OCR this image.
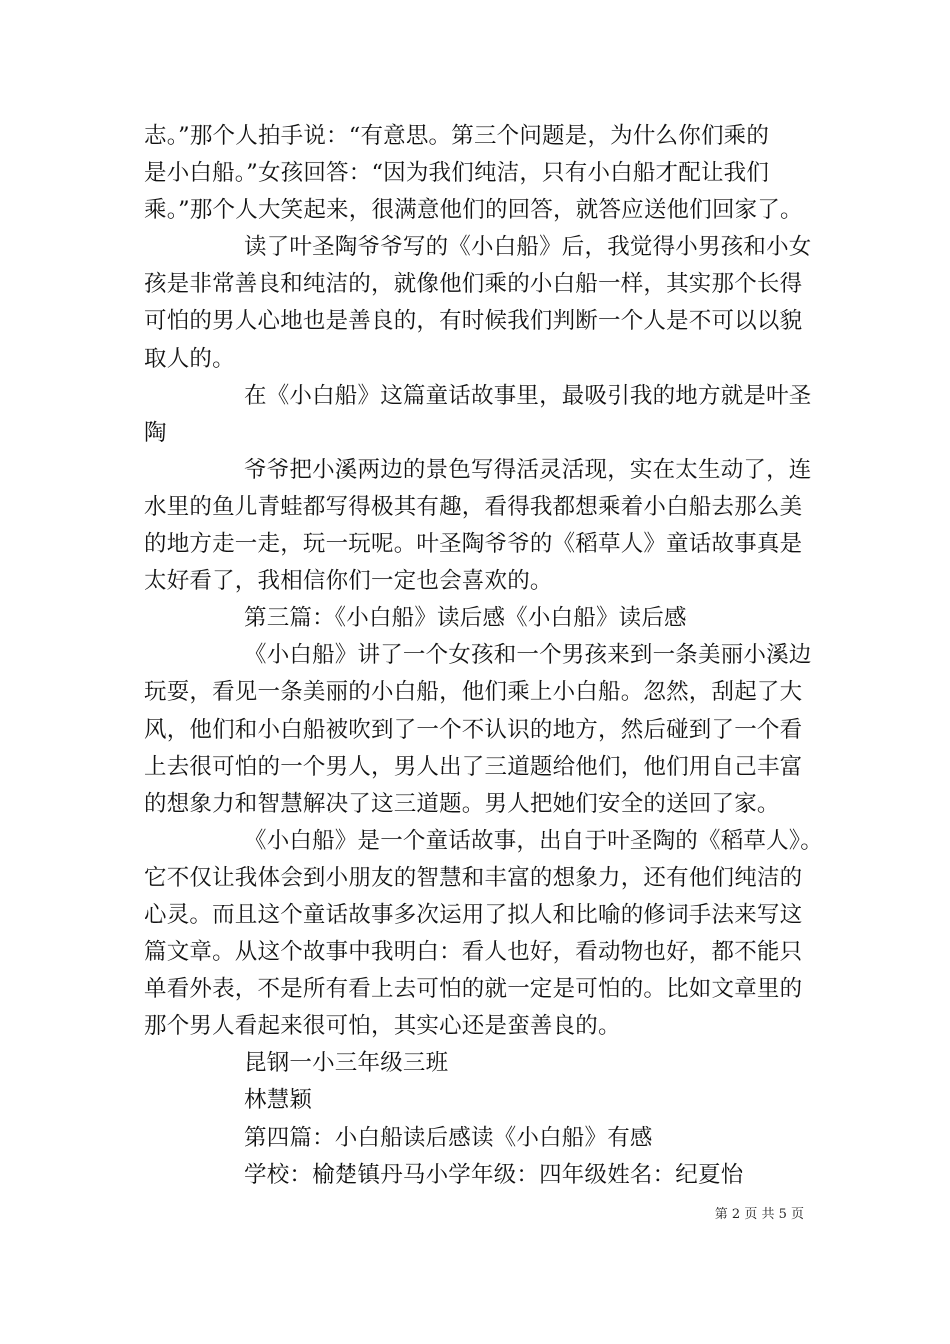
志。”那个人拍手说：“有意思。第三个问题是，为什么你们乘的
是小白船。”女孩回答：“因为我们纯洁，只有小白船才配让我们
乘。”那个人大笑起来，很满意他们的回答，就答应送他们回家了。
读了叶圣陶爷爷写的《小白船》后，我觉得小男孩和小女
孩是非常善良和纯洁的，就像他们乘的小白船一样，其实那个长得
可怕的男人心地也是善良的，有时候我们判断一个人是不可以以貌
取人的。
在《小白船》这篇童话故事里，最吸引我的地方就是叶圣
陶
爷爷把小溪两边的景色写得活灵活现，实在太生动了，连
水里的鱼儿青蛙都写得极其有趣，看得我都想乘着小白船去那么美
的地方走一走，玩一玩呢。叶圣陶爷爷的《稻草人》童话故事真是
太好看了，我相信你们一定也会喜欢的。
第三篇：《小白船》读后感《小白船》读后感
《小白船》讲了一个女孩和一个男孩来到一条美丽小溪边
玩耍，看见一条美丽的小白船，他们乘上小白船。忽然，刮起了大
风，他们和小白船被吹到了一个不认识的地方，然后碰到了一个看
上去很可怕的一个男人，男人出了三道题给他们，他们用自己丰富
的想象力和智慧解决了这三道题。男人把她们安全的送回了家。
《小白船》是一个童话故事，出自于叶圣陶的《稻草人》。
它不仅让我体会到小朋友的智慧和丰富的想象力，还有他们纯洁的
心灵。而且这个童话故事多次运用了拟人和比喻的修词手法来写这
篇文章。从这个故事中我明白：看人也好，看动物也好，都不能只
单看外表，不是所有看上去可怕的就一定是可怕的。比如文章里的
那个男人看起来很可怕，其实心还是蛮善良的。
昆钢一小三年级三班
林慧颖
第四篇：小白船读后感读《小白船》有感
学校：榆楚镇丹马小学年级：四年级姓名：纪夏怡
第 2 页 共 5 页
